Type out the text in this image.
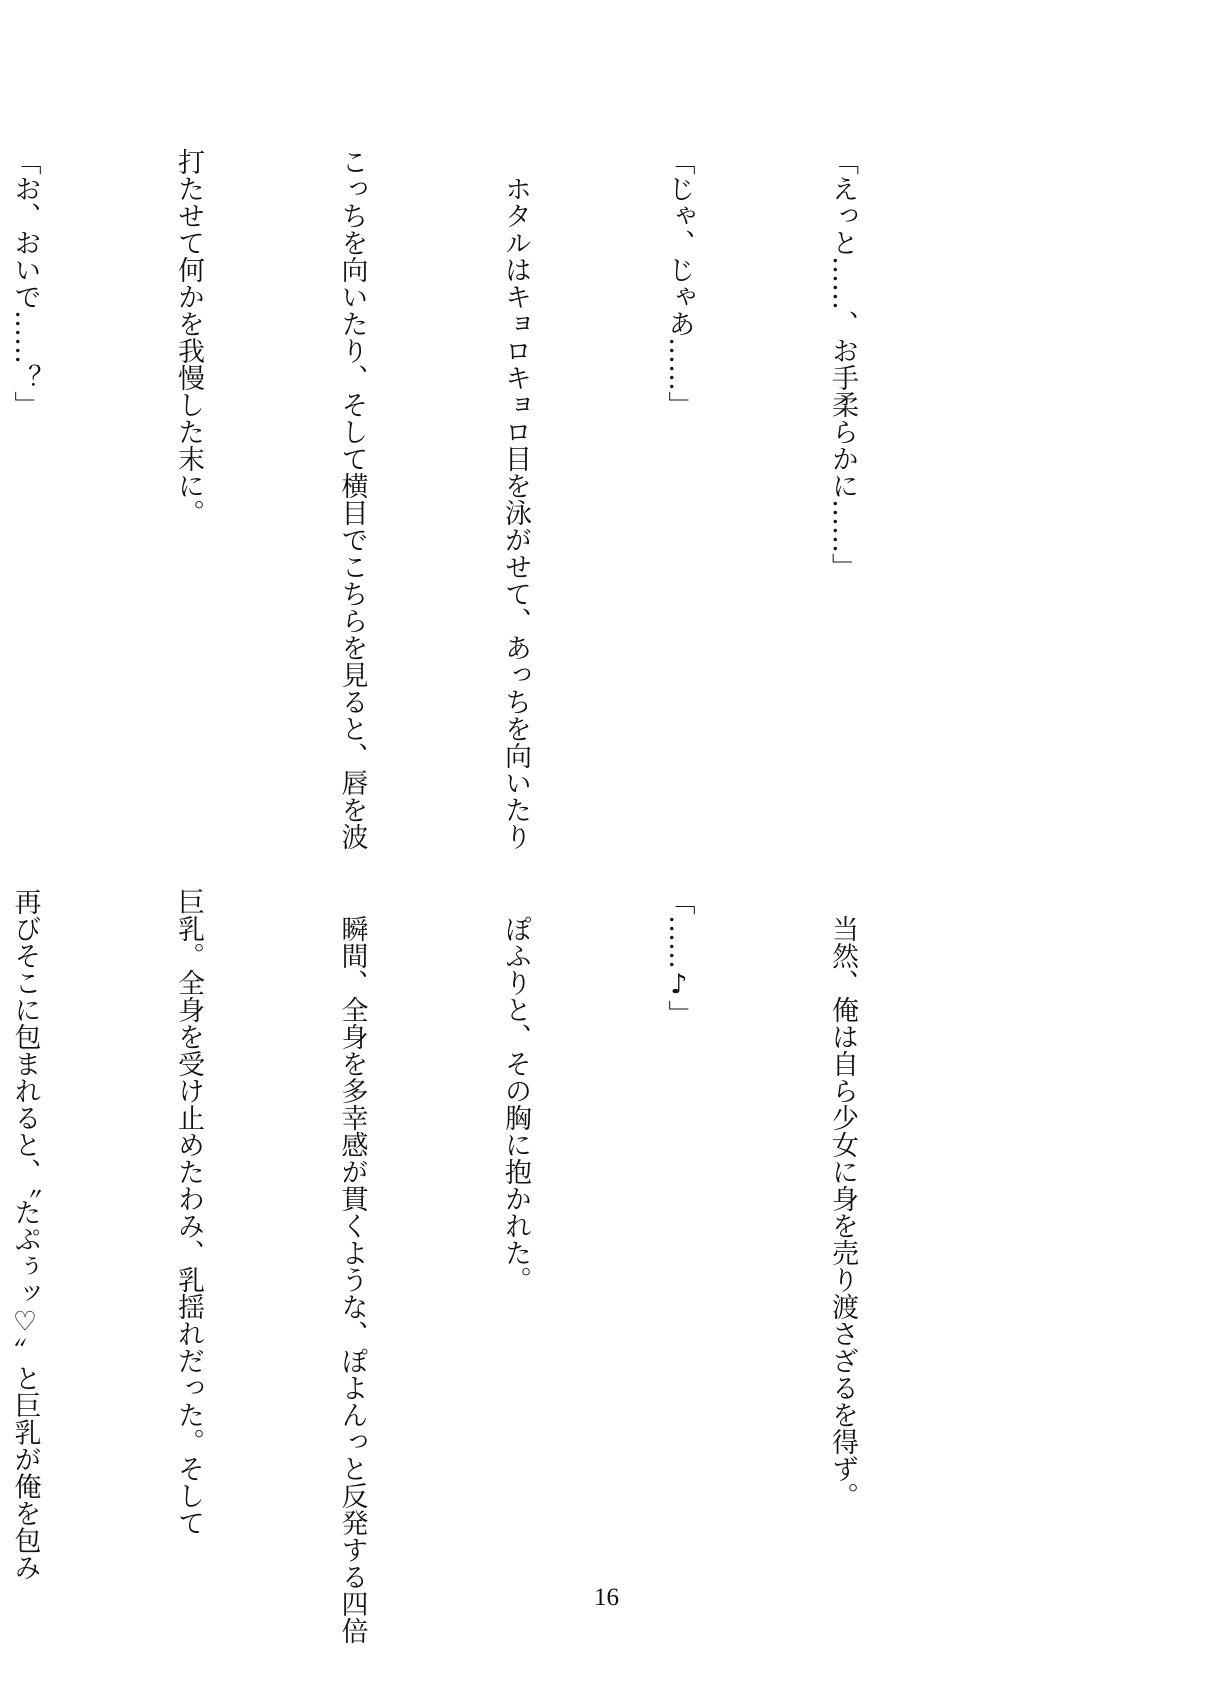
「えっと……、お手柔らかに……」

「じゃ、じゃあ……」

　ホタルはキョロキョロ目を泳がせて、あっちを向いたり

こっちを向いたり、そして横目でこちらを見ると、唇を波

打たせて何かを我慢した末に。

「お、おいで……？」

　当然、俺は自ら少女に身を売り渡さざるを得ず。

「……♪」

　ぽふりと、その胸に抱かれた。

　瞬間、全身を多幸感が貫くような、ぽよんっと反発する四倍

巨乳。全身を受け止めたわみ、乳揺れだった。そして

再びそこに包まれると、〝たぷぅッ♡〟と巨乳が俺を包み

16
